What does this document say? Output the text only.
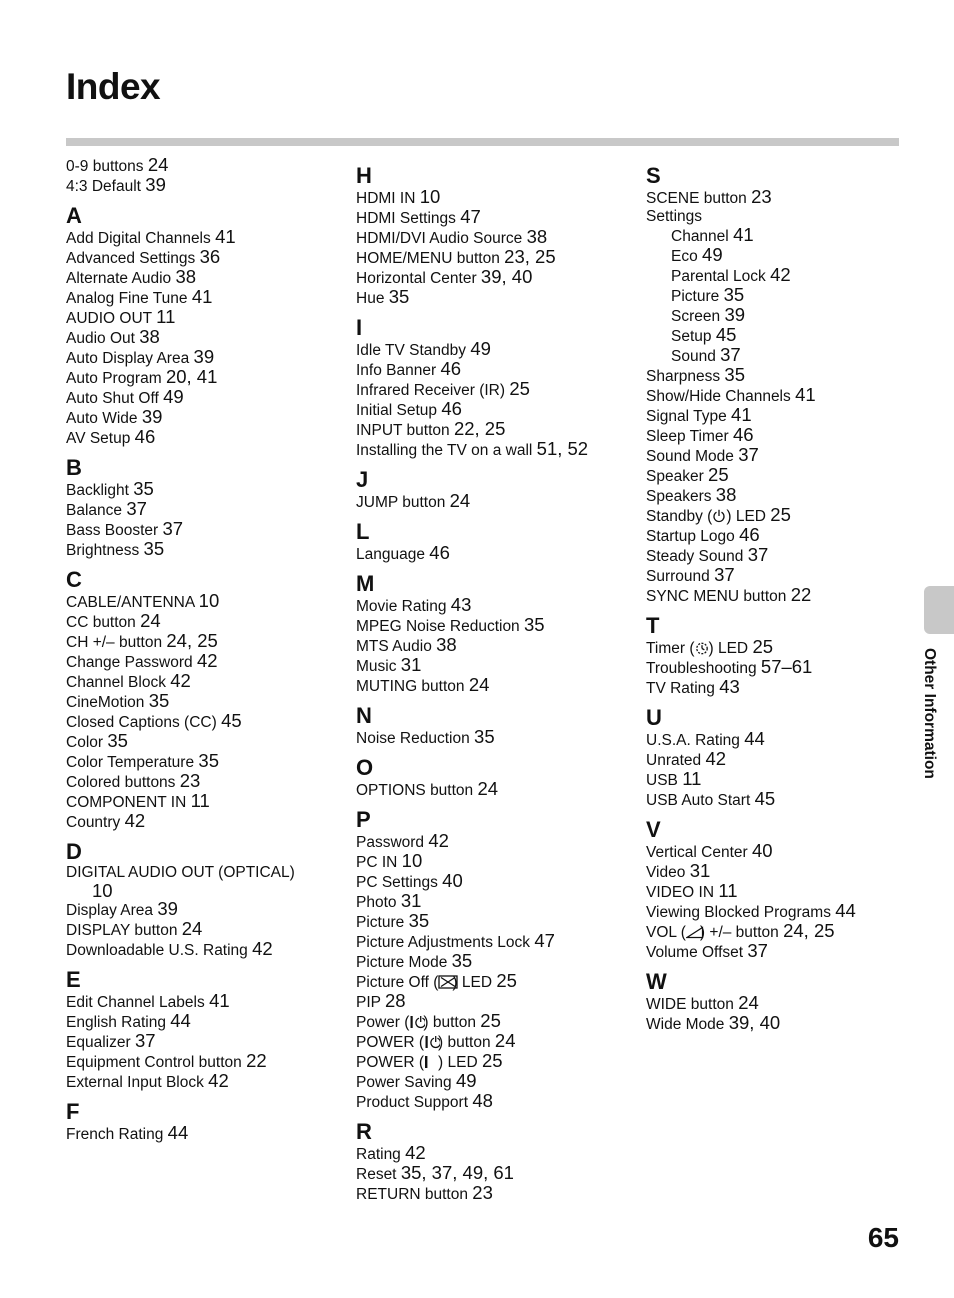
Index
0-9 buttons 24
4:3 Default 39
A
Add Digital Channels 41
Advanced Settings 36
Alternate Audio 38
Analog Fine Tune 41
AUDIO OUT 11
Audio Out 38
Auto Display Area 39
Auto Program 20, 41
Auto Shut Off 49
Auto Wide 39
AV Setup 46
B
Backlight 35
Balance 37
Bass Booster 37
Brightness 35
C
CABLE/ANTENNA 10
CC button 24
CH +/– button 24, 25
Change Password 42
Channel Block 42
CineMotion 35
Closed Captions (CC) 45
Color 35
Color Temperature 35
Colored buttons 23
COMPONENT IN 11
Country 42
D
DIGITAL AUDIO OUT (OPTICAL)
10
Display Area 39
DISPLAY button 24
Downloadable U.S. Rating 42
E
Edit Channel Labels 41
English Rating 44
Equalizer 37
Equipment Control button 22
External Input Block 42
F
French Rating 44
H
HDMI IN 10
HDMI Settings 47
HDMI/DVI Audio Source 38
HOME/MENU button 23, 25
Horizontal Center 39, 40
Hue 35
I
Idle TV Standby 49
Info Banner 46
Infrared Receiver (IR) 25
Initial Setup 46
INPUT button 22, 25
Installing the TV on a wall 51, 52
J
JUMP button 24
L
Language 46
M
Movie Rating 43
MPEG Noise Reduction 35
MTS Audio 38
Music 31
MUTING button 24
N
Noise Reduction 35
O
OPTIONS button 24
P
Password 42
PC IN 10
PC Settings 40
Photo 31
Picture 35
Picture Adjustments Lock 47
Picture Mode 35
Picture Off ( ) LED 25
PIP 28
Power ( ) button 25
POWER ( ) button 24
POWER ( ) LED 25
Power Saving 49
Product Support 48
R
Rating 42
Reset 35, 37, 49, 61
RETURN button 23
S
SCENE button 23
Settings
Channel 41
Eco 49
Parental Lock 42
Picture 35
Screen 39
Setup 45
Sound 37
Sharpness 35
Show/Hide Channels 41
Signal Type 41
Sleep Timer 46
Sound Mode 37
Speaker 25
Speakers 38
Standby ( ) LED 25
Startup Logo 46
Steady Sound 37
Surround 37
SYNC MENU button 22
T
Timer ( ) LED 25
Troubleshooting 57–61
TV Rating 43
U
U.S.A. Rating 44
Unrated 42
USB 11
USB Auto Start 45
V
Vertical Center 40
Video 31
VIDEO IN 11
Viewing Blocked Programs 44
VOL ( ) +/– button 24, 25
Volume Offset 37
W
WIDE button 24
Wide Mode 39, 40
Other Information
65
